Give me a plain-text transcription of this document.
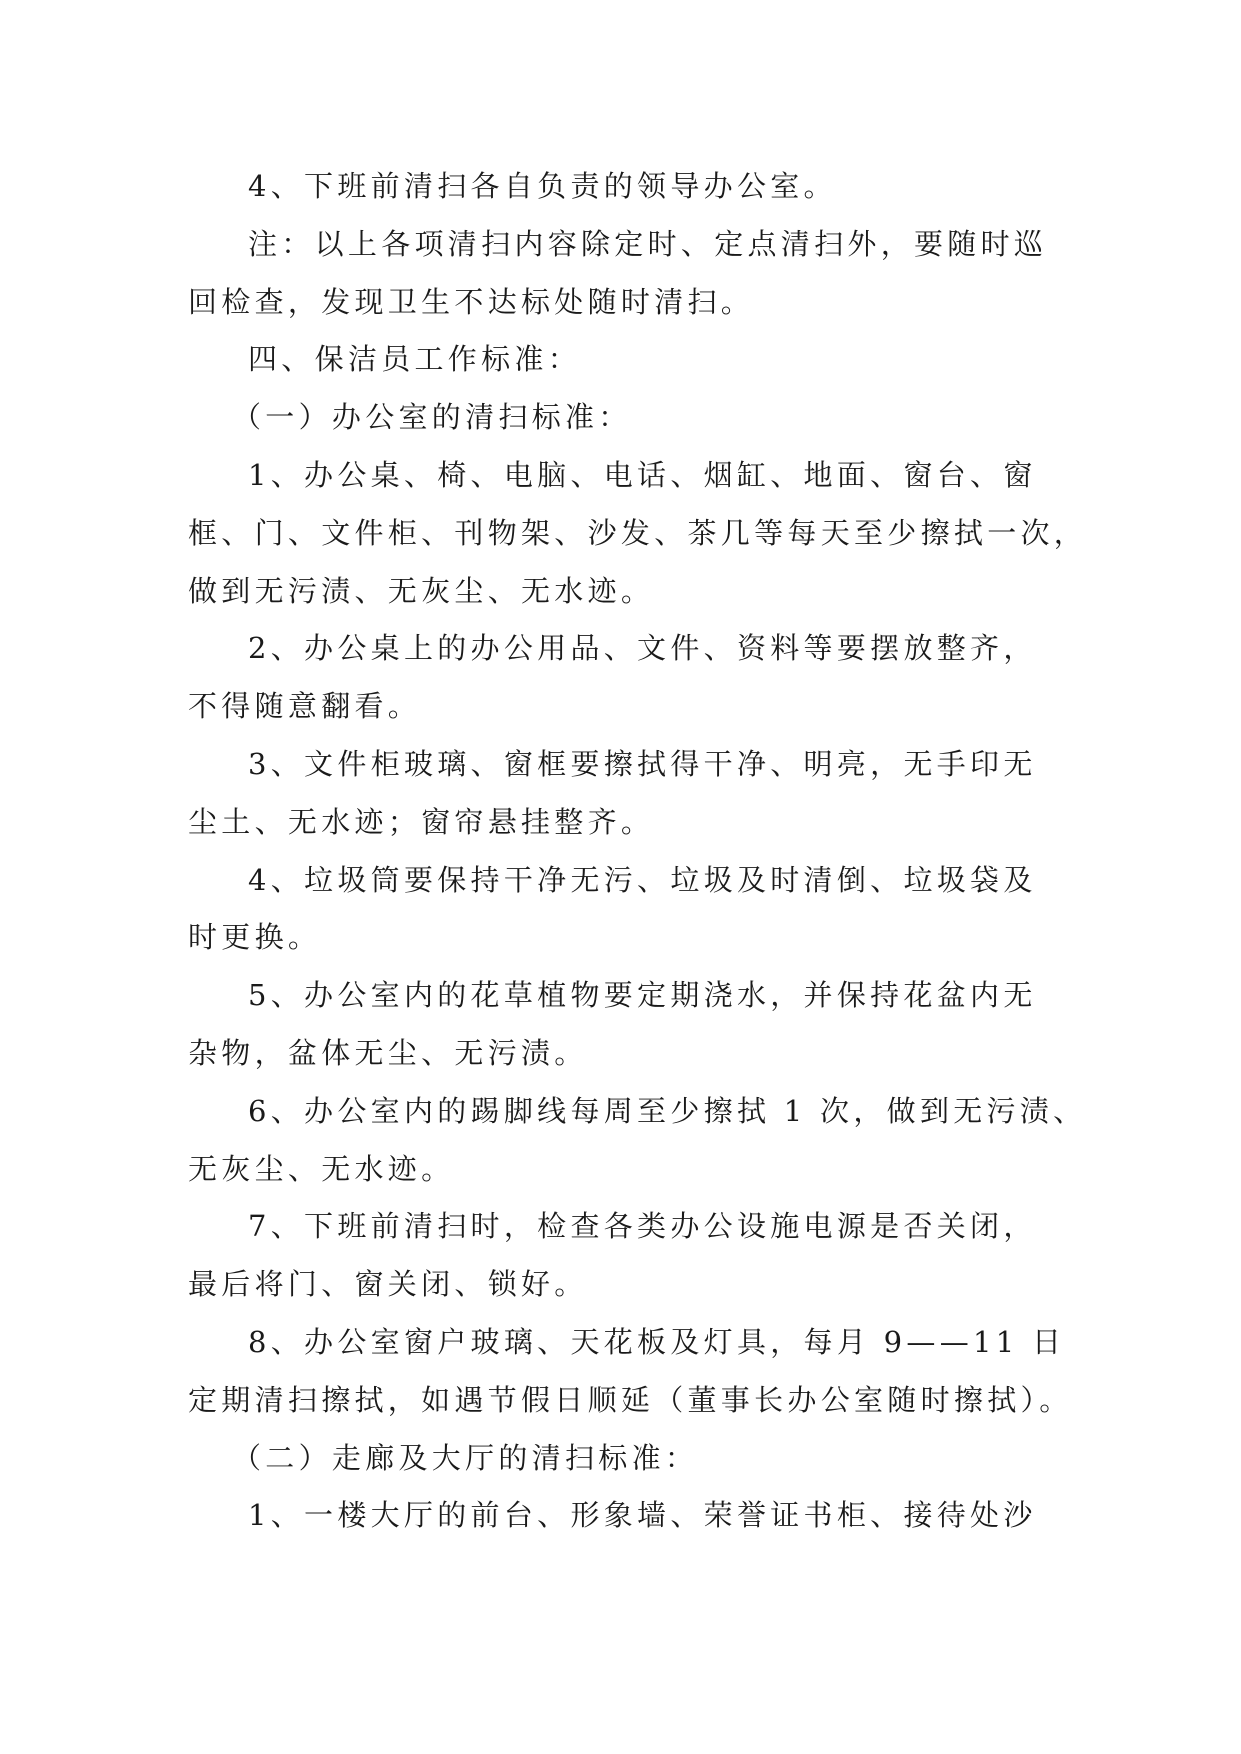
4、下班前清扫各自负责的领导办公室。
注：以上各项清扫内容除定时、定点清扫外，要随时巡
回检查，发现卫生不达标处随时清扫。
四、保洁员工作标准：
（一）办公室的清扫标准：
1、办公桌、椅、电脑、电话、烟缸、地面、窗台、窗
框、门、文件柜、刊物架、沙发、茶几等每天至少擦拭一次，
做到无污渍、无灰尘、无水迹。
2、办公桌上的办公用品、文件、资料等要摆放整齐，
不得随意翻看。
3、文件柜玻璃、窗框要擦拭得干净、明亮，无手印无
尘土、无水迹；窗帘悬挂整齐。
4、垃圾筒要保持干净无污、垃圾及时清倒、垃圾袋及
时更换。
5、办公室内的花草植物要定期浇水，并保持花盆内无
杂物，盆体无尘、无污渍。
6、办公室内的踢脚线每周至少擦拭 1 次，做到无污渍、
无灰尘、无水迹。
7、下班前清扫时，检查各类办公设施电源是否关闭，
最后将门、窗关闭、锁好。
8、办公室窗户玻璃、天花板及灯具，每月 9——11 日
定期清扫擦拭，如遇节假日顺延（董事长办公室随时擦拭）。
（二）走廊及大厅的清扫标准：
1、一楼大厅的前台、形象墙、荣誉证书柜、接待处沙
